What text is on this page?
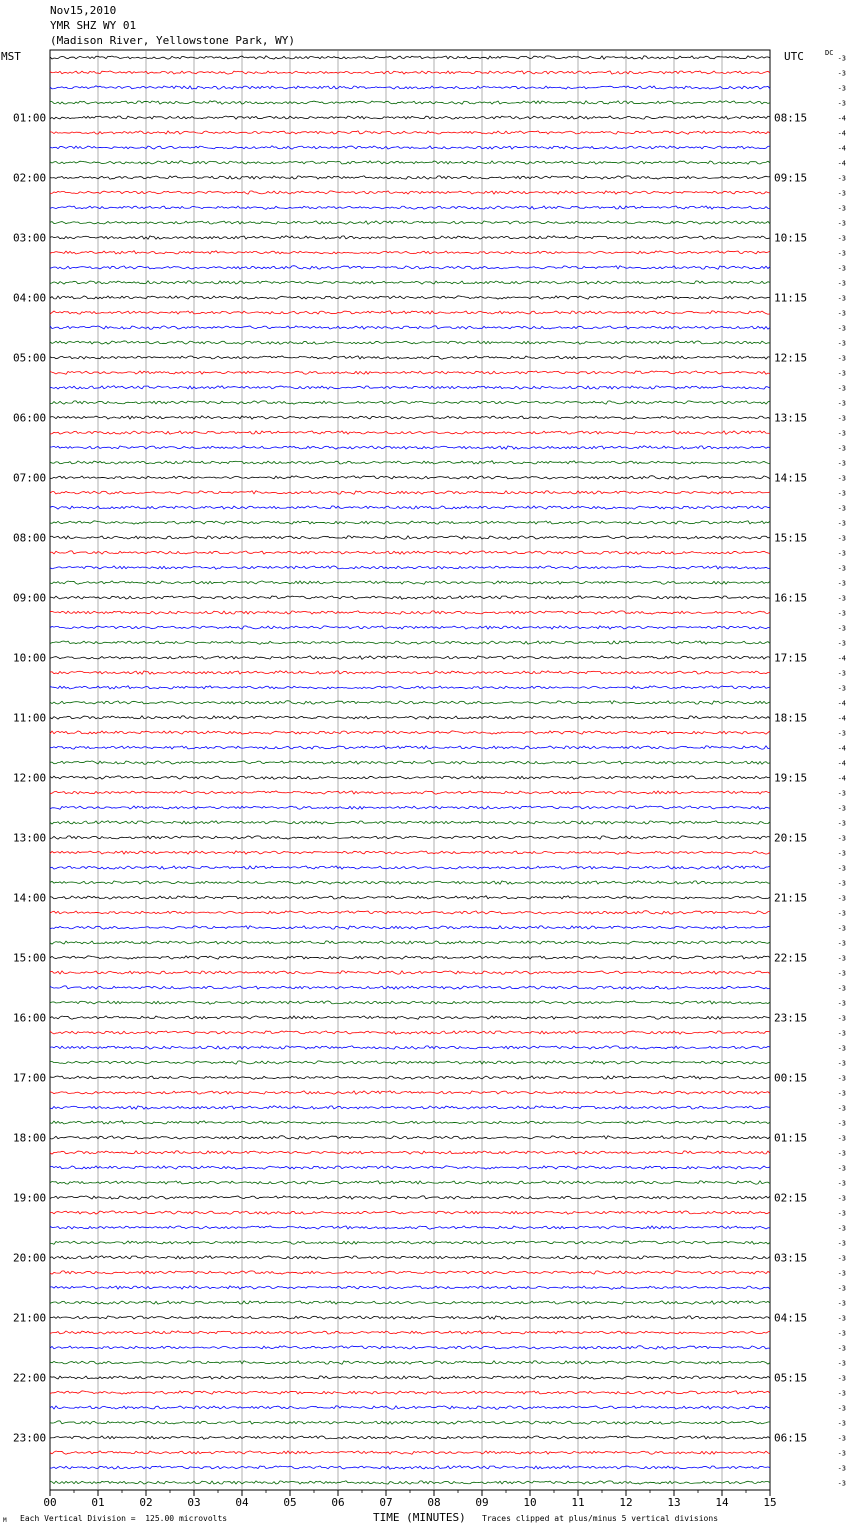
-3
-3
-3
-3
-4
-4
-4
-4
-3
-3
-3
-3
-3
-3
-3
-3
-3
-3
-3
-3
-3
-3
-3
-3
-3
-3
-3
-3
-3
-3
-3
-3
-3
-3
-3
-3
-3
-3
-3
-3
-4
-3
-3
-4
-4
-3
-4
-4
-4
-3
-3
-3
-3
-3
-3
-3
-3
-3
-3
-3
-3
-3
-3
-3
-3
-3
-3
-3
-3
-3
-3
-3
-3
-3
-3
-3
-3
-3
-3
-3
-3
-3
-3
-3
-3
-3
-3
-3
-3
-3
-3
-3
-3
-3
-3
-3
01:00	08:15
02:00	09:15
03:00	10:15
04:00	11:15
05:00	12:15
06:00	13:15
07:00	14:15
08:00	15:15
09:00	16:15
10:00	17:15
11:00	18:15
12:00	19:15
13:00	20:15
14:00	21:15
15:00	22:15
16:00	23:15
17:00	00:15
18:00	01:15
19:00	02:15
20:00	03:15
21:00	04:15
22:00	05:15
23:00	06:15
00	01	02	03	04	05	06	07	08	09	10	11	12	13	14	15
Nov15,2010
YMR SHZ WY 01
(Madison River, Yellowstone Park, WY)
MST	UTC	DC
M Each Vertical Division =  125.00 microvolts	TIME (MINUTES) Traces clipped at plus/minus 5 vertical divisions
